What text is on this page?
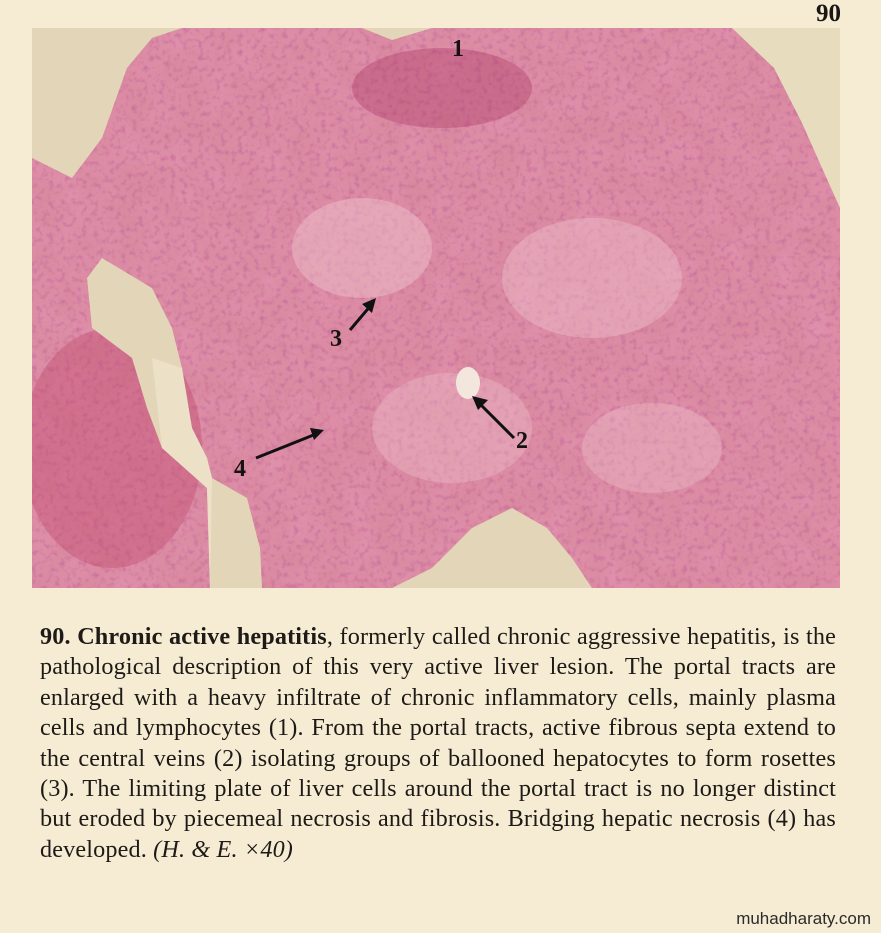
90
1
3
2
4
90. Chronic active hepatitis, formerly called chronic aggressive hepatitis, is the pathological description of this very active liver lesion. The portal tracts are enlarged with a heavy infiltrate of chronic inflammatory cells, mainly plasma cells and lymphocytes (1). From the portal tracts, active fibrous septa extend to the central veins (2) isolating groups of ballooned hepatocytes to form rosettes (3). The limiting plate of liver cells around the portal tract is no longer distinct but eroded by piecemeal necrosis and fibrosis. Bridging hepatic necrosis (4) has developed. (H. & E. ×40)
muhadharaty.com
